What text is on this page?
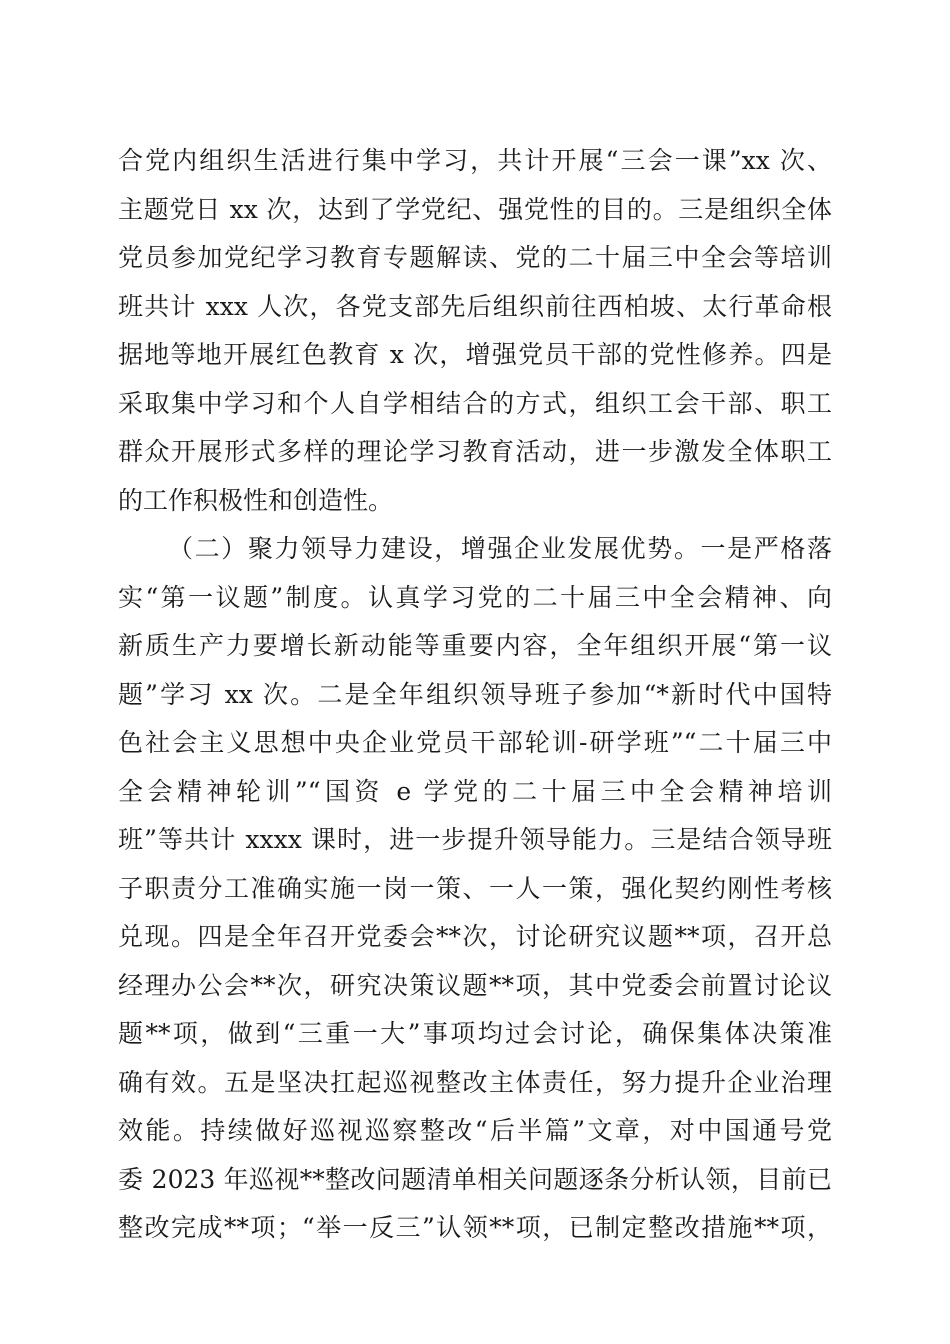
合党内组织生活进行集中学习，共计开展“三会一课”xx 次、
主题党日 xx 次，达到了学党纪、强党性的目的。三是组织全体
党员参加党纪学习教育专题解读、党的二十届三中全会等培训
班共计 xxx 人次，各党支部先后组织前往西柏坡、太行革命根
据地等地开展红色教育 x 次，增强党员干部的党性修养。四是
采取集中学习和个人自学相结合的方式，组织工会干部、职工
群众开展形式多样的理论学习教育活动，进一步激发全体职工
的工作积极性和创造性。
（二）聚力领导力建设，增强企业发展优势。一是严格落
实“第一议题”制度。认真学习党的二十届三中全会精神、向
新质生产力要增长新动能等重要内容，全年组织开展“第一议
题”学习 xx 次。二是全年组织领导班子参加“*新时代中国特
色社会主义思想中央企业党员干部轮训-研学班”“二十届三中
全会精神轮训”“国资 e 学党的二十届三中全会精神培训
班”等共计 xxxx 课时，进一步提升领导能力。三是结合领导班
子职责分工准确实施一岗一策、一人一策，强化契约刚性考核
兑现。四是全年召开党委会**次，讨论研究议题**项，召开总
经理办公会**次，研究决策议题**项，其中党委会前置讨论议
题**项，做到“三重一大”事项均过会讨论，确保集体决策准
确有效。五是坚决扛起巡视整改主体责任，努力提升企业治理
效能。持续做好巡视巡察整改“后半篇”文章，对中国通号党
委 2023 年巡视**整改问题清单相关问题逐条分析认领，目前已
整改完成**项；“举一反三”认领**项，已制定整改措施**项，
